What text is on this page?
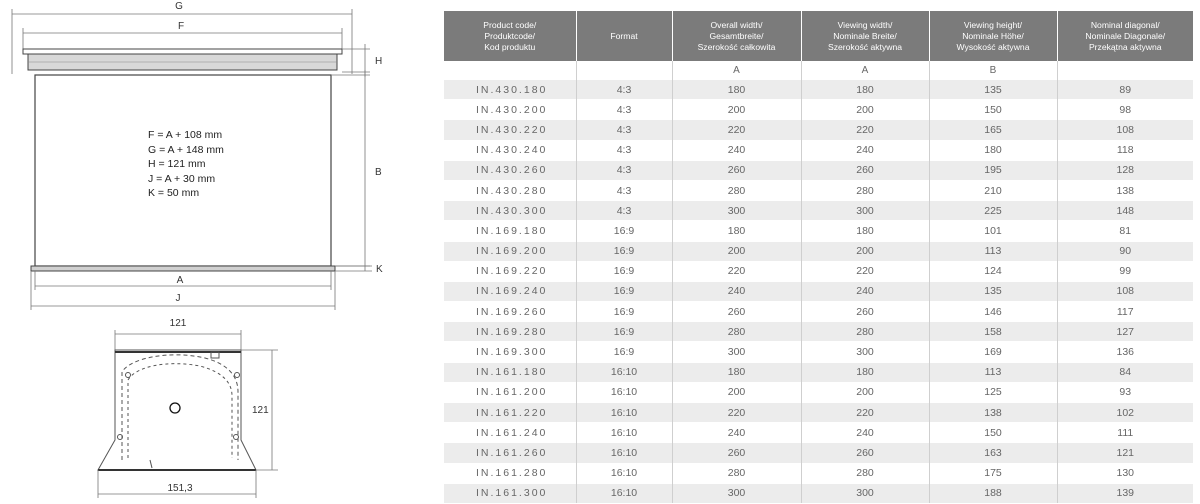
G
F
H
B
K
A
J
121
121
151,3
F = A + 108 mm
G = A + 148 mm
H = 121 mm
J = A + 30 mm
K = 50 mm
Product code/
Produktcode/
Kod produktu	Format	Overall width/
Gesamtbreite/
Szerokość całkowita	Viewing width/
Nominale Breite/
Szerokość aktywna	Viewing height/
Nominale Höhe/
Wysokość aktywna	Nominal diagonal/
Nominale Diagonale/
Przekątna aktywna
		A	A	B	
IN.430.180	4:3	180	180	135	89
IN.430.200	4:3	200	200	150	98
IN.430.220	4:3	220	220	165	108
IN.430.240	4:3	240	240	180	118
IN.430.260	4:3	260	260	195	128
IN.430.280	4:3	280	280	210	138
IN.430.300	4:3	300	300	225	148
IN.169.180	16:9	180	180	101	81
IN.169.200	16:9	200	200	113	90
IN.169.220	16:9	220	220	124	99
IN.169.240	16:9	240	240	135	108
IN.169.260	16:9	260	260	146	117
IN.169.280	16:9	280	280	158	127
IN.169.300	16:9	300	300	169	136
IN.161.180	16:10	180	180	113	84
IN.161.200	16:10	200	200	125	93
IN.161.220	16:10	220	220	138	102
IN.161.240	16:10	240	240	150	111
IN.161.260	16:10	260	260	163	121
IN.161.280	16:10	280	280	175	130
IN.161.300	16:10	300	300	188	139
